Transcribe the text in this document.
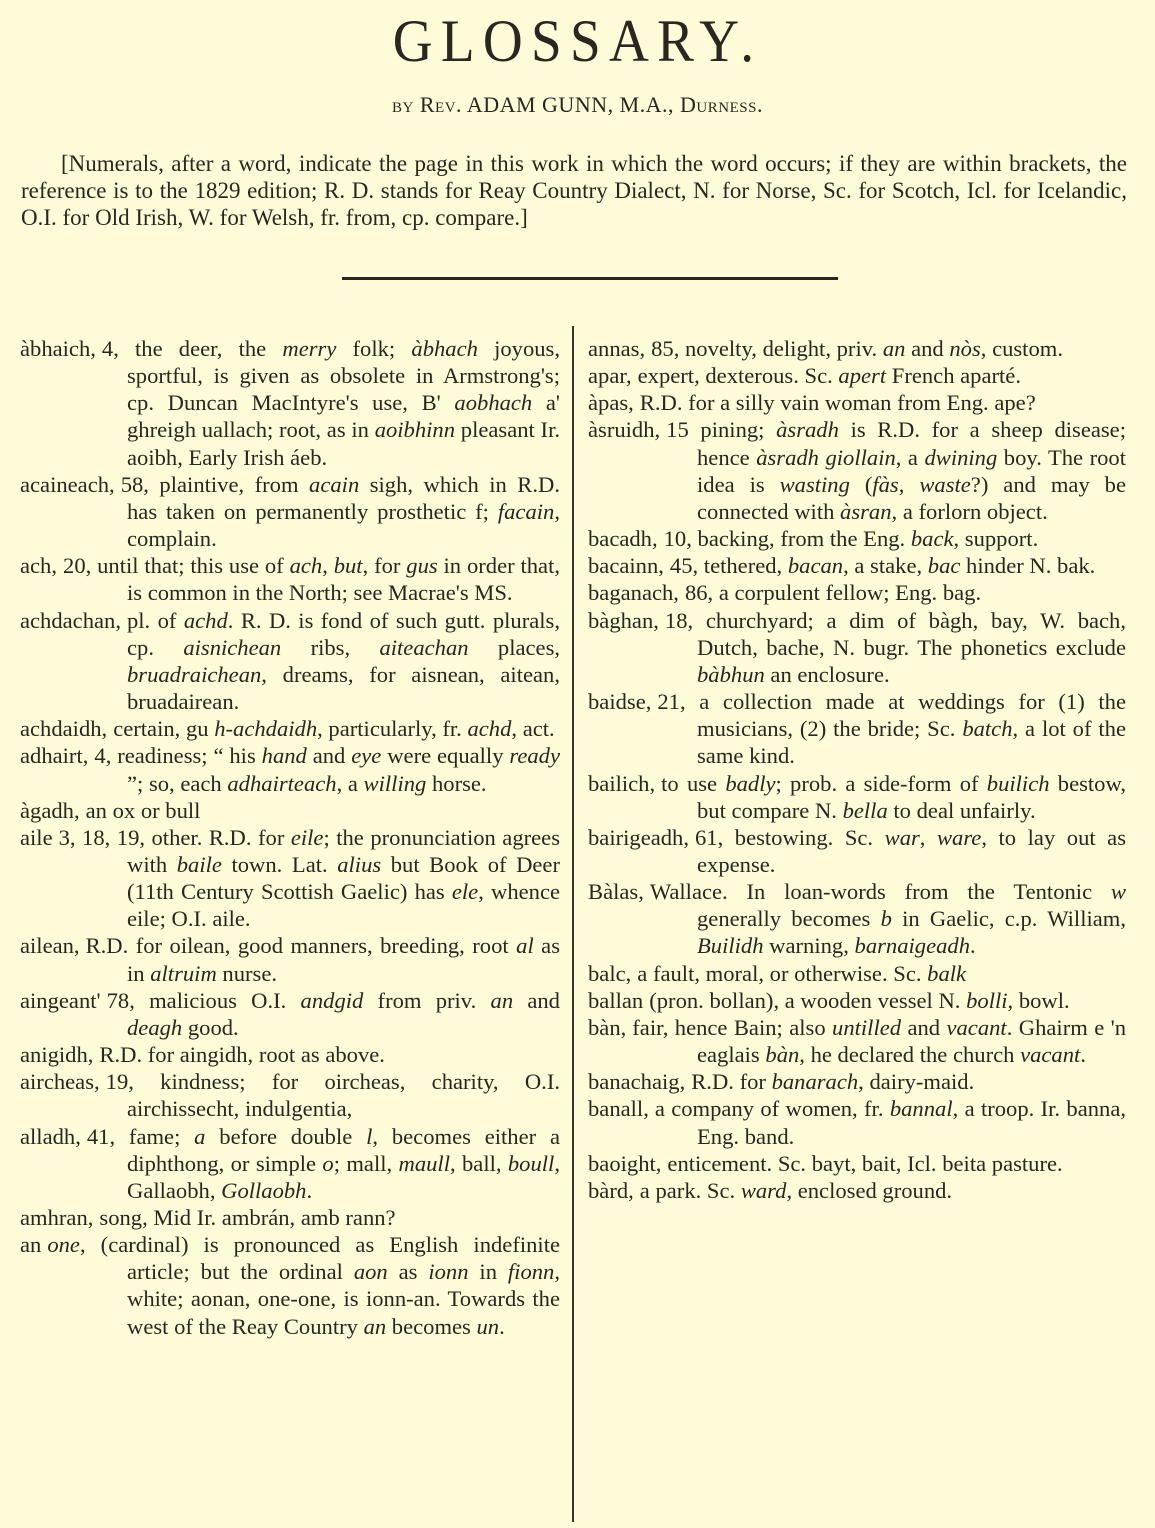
GLOSSARY.
by Rev. ADAM GUNN, M.A., Durness.

[Numerals, after a word, indicate the page in this work in which the word occurs; if they are within brackets, the reference is to the 1829 edition; R. D. stands for Reay Country Dialect, N. for Norse, Sc. for Scotch, Icl. for Icelandic, O.I. for Old Irish, W. for Welsh, fr. from, cp. compare.]

àbhaich, 4, the deer, the merry folk; àbhach joyous, sportful, is given as obsolete in Armstrong's; cp. Duncan MacIntyre's use, B' aobhach a' ghreigh uallach; root, as in aoibhinn pleasant Ir. aoibh, Early Irish áeb.
acaineach, 58, plaintive, from acain sigh, which in R.D. has taken on permanently prosthetic f; facain, complain.
ach, 20, until that; this use of ach, but, for gus in order that, is common in the North; see Macrae's MS.
achdachan, pl. of achd. R. D. is fond of such gutt. plurals, cp. aisnichean ribs, aiteachan places, bruadraichean, dreams, for aisnean, aitean, bruadairean.
achdaidh, certain, gu h-achdaidh, particularly, fr. achd, act.
adhairt, 4, readiness; “ his hand and eye were equally ready ”; so, each adhairteach, a willing horse.
àgadh, an ox or bull
aile 3, 18, 19, other. R.D. for eile; the pronunciation agrees with baile town. Lat. alius but Book of Deer (11th Century Scottish Gaelic) has ele, whence eile; O.I. aile.
ailean, R.D. for oilean, good manners, breeding, root al as in altruim nurse.
aingeant' 78, malicious O.I. andgid from priv. an and deagh good.
anigidh, R.D. for aingidh, root as above.
aircheas, 19, kindness; for oircheas, charity, O.I. airchissecht, indulgentia,
alladh, 41, fame; a before double l, becomes either a diphthong, or simple o; mall, maull, ball, boull, Gallaobh, Gollaobh.
amhran, song, Mid Ir. ambrán, amb rann?
an one, (cardinal) is pronounced as English indefinite article; but the ordinal aon as ionn in fionn, white; aonan, one-one, is ionn-an. Towards the west of the Reay Country an becomes un.
annas, 85, novelty, delight, priv. an and nòs, custom.
apar, expert, dexterous. Sc. apert French aparté.
àpas, R.D. for a silly vain woman from Eng. ape?
àsruidh, 15 pining; àsradh is R.D. for a sheep disease; hence àsradh giollain, a dwining boy. The root idea is wasting (fàs, waste?) and may be connected with àsran, a forlorn object.
bacadh, 10, backing, from the Eng. back, support.
bacainn, 45, tethered, bacan, a stake, bac hinder N. bak.
baganach, 86, a corpulent fellow; Eng. bag.
bàghan, 18, churchyard; a dim of bàgh, bay, W. bach, Dutch, bache, N. bugr. The phonetics exclude bàbhun an enclosure.
baidse, 21, a collection made at weddings for (1) the musicians, (2) the bride; Sc. batch, a lot of the same kind.
bailich, to use badly; prob. a side-form of builich bestow, but compare N. bella to deal unfairly.
bairigeadh, 61, bestowing. Sc. war, ware, to lay out as expense.
Bàlas, Wallace. In loan-words from the Tentonic w generally becomes b in Gaelic, c.p. William, Builidh warning, barnaigeadh.
balc, a fault, moral, or otherwise. Sc. balk
ballan (pron. bollan), a wooden vessel N. bolli, bowl.
bàn, fair, hence Bain; also untilled and vacant. Ghairm e 'n eaglais bàn, he declared the church vacant.
banachaig, R.D. for banarach, dairy-maid.
banall, a company of women, fr. bannal, a troop. Ir. banna, Eng. band.
baoight, enticement. Sc. bayt, bait, Icl. beita pasture.
bàrd, a park. Sc. ward, enclosed ground.
